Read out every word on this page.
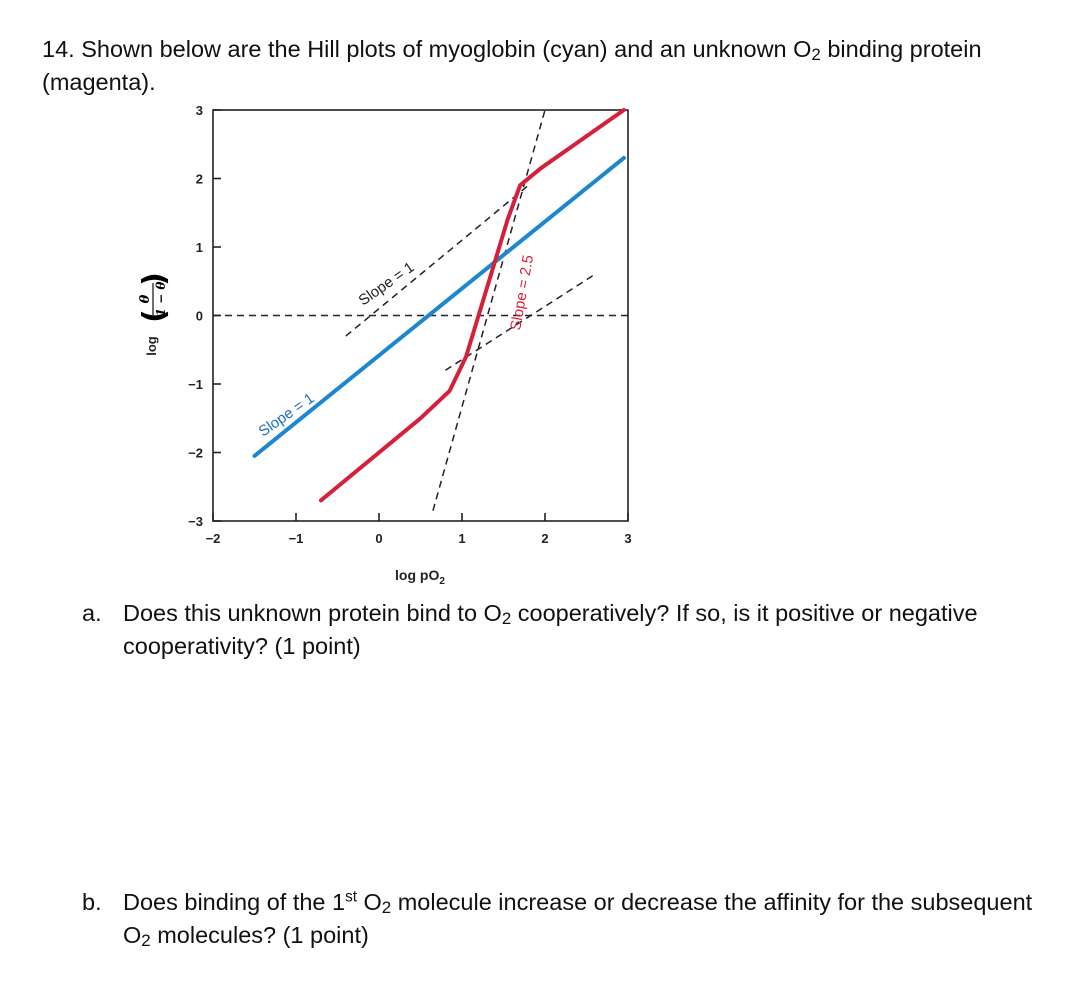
14. Shown below are the Hill plots of myoglobin (cyan) and an unknown $O_2$ binding protein (magenta).

−2	−1	0	1	2	3
3
2
1
0
−1
−2
−3
$\log pO_2$
log
(
θ 1 − θ
)
Slope = 1
Slope = 1	Slope = 2.5
a. Does this unknown protein bind to $O_2$ cooperatively? If so, is it positive or negative cooperativity? (1 point)
b. Does binding of the 1st $O_2$ molecule increase or decrease the affinity for the subsequent $O_2$ molecules? (1 point)
